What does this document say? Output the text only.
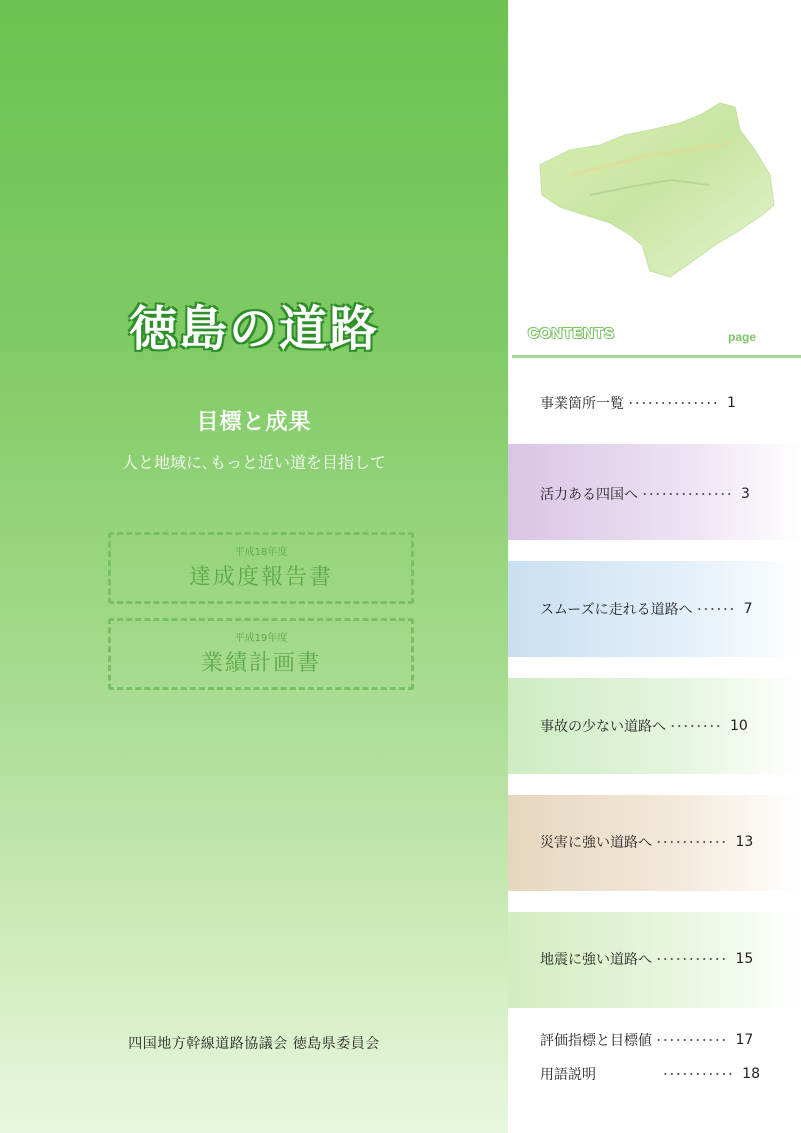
徳島の道路
目標と成果
人と地域に､もっと近い道を目指して
平成18年度
達成度報告書
平成19年度
業績計画書
四国地方幹線道路協議会 徳島県委員会
CONTENTS	page
事業箇所一覧 ･･････････････ 1
活力ある四国へ ･･････････････ 3
スムーズに走れる道路へ ･･････ 7
事故の少ない道路へ ････････ 10
災害に強い道路へ ･･･････････ 13
地震に強い道路へ ･･･････････ 15
評価指標と目標値 ･･･････････ 17
用語説明	･･･････････ 18
